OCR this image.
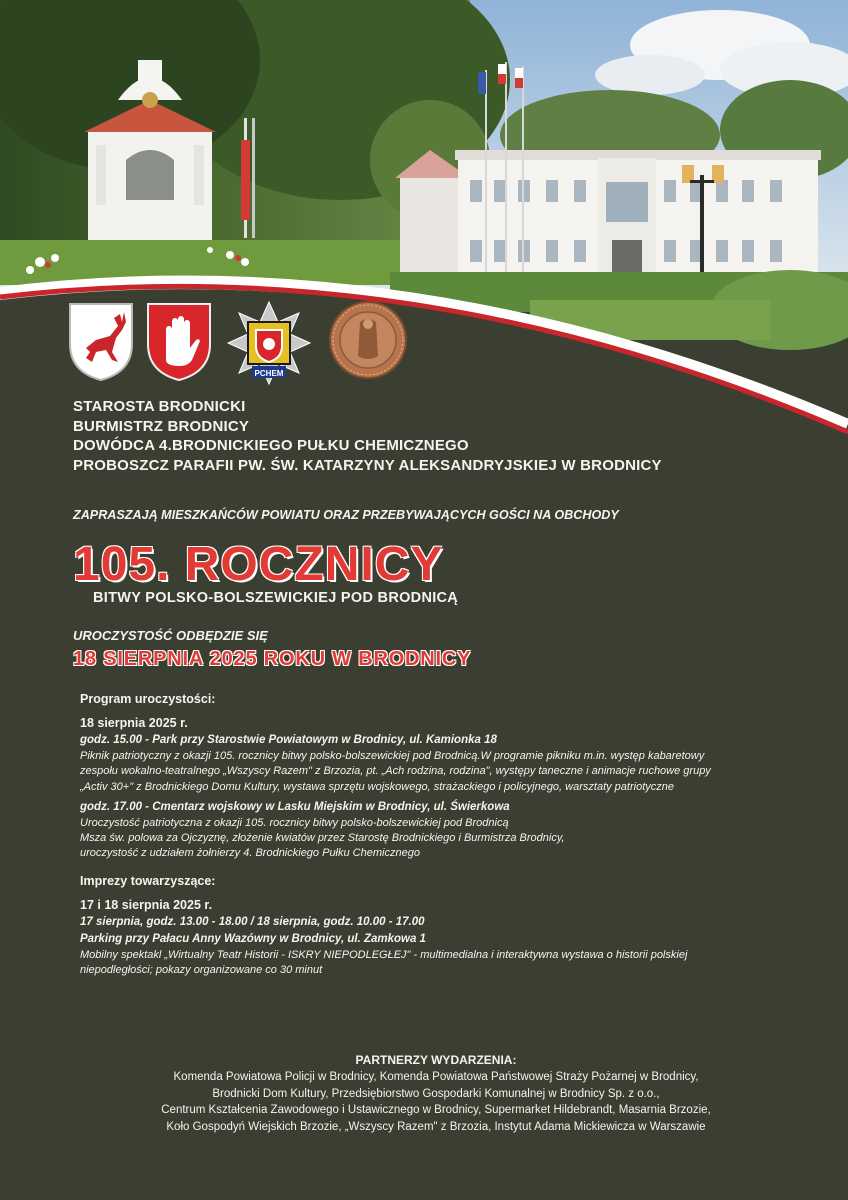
PCHEM
STAROSTA BRODNICKI
BURMISTRZ BRODNICY
DOWÓDCA 4.BRODNICKIEGO PUŁKU CHEMICZNEGO
PROBOSZCZ PARAFII PW. ŚW. KATARZYNY ALEKSANDRYJSKIEJ W BRODNICY
ZAPRASZAJĄ MIESZKAŃCÓW POWIATU ORAZ PRZEBYWAJĄCYCH GOŚCI NA OBCHODY
105. ROCZNICY
BITWY POLSKO-BOLSZEWICKIEJ POD BRODNICĄ
UROCZYSTOŚĆ ODBĘDZIE SIĘ
18 SIERPNIA 2025 ROKU W BRODNICY
Program uroczystości:
18 sierpnia 2025 r.
godz. 15.00 - Park przy Starostwie Powiatowym w Brodnicy, ul. Kamionka 18
Piknik patriotyczny z okazji 105. rocznicy bitwy polsko-bolszewickiej pod Brodnicą.W programie pikniku m.in. występ kabaretowy
zespołu wokalno-teatralnego „Wszyscy Razem" z Brzozia, pt. „Ach rodzina, rodzina", występy taneczne i animacje ruchowe grupy
„Activ 30+" z Brodnickiego Domu Kultury, wystawa sprzętu wojskowego, strażackiego i policyjnego, warsztaty patriotyczne
godz. 17.00 - Cmentarz wojskowy w Lasku Miejskim w Brodnicy, ul. Świerkowa
Uroczystość patriotyczna z okazji 105. rocznicy bitwy polsko-bolszewickiej pod Brodnicą
Msza św. polowa za Ojczyznę, złożenie kwiatów przez Starostę Brodnickiego i Burmistrza Brodnicy,
uroczystość z udziałem żołnierzy 4. Brodnickiego Pułku Chemicznego
Imprezy towarzyszące:
17 i 18 sierpnia 2025 r.
17 sierpnia, godz. 13.00 - 18.00 / 18 sierpnia, godz. 10.00 - 17.00
Parking przy Pałacu Anny Wazówny w Brodnicy, ul. Zamkowa 1
Mobilny spektakl „Wirtualny Teatr Historii - ISKRY NIEPODLEGŁEJ" - multimedialna i interaktywna wystawa o historii polskiej
niepodległości; pokazy organizowane co 30 minut
PARTNERZY WYDARZENIA:
Komenda Powiatowa Policji w Brodnicy, Komenda Powiatowa Państwowej Straży Pożarnej w Brodnicy,
Brodnicki Dom Kultury, Przedsiębiorstwo Gospodarki Komunalnej w Brodnicy Sp. z o.o.,
Centrum Kształcenia Zawodowego i Ustawicznego w Brodnicy, Supermarket Hildebrandt, Masarnia Brzozie,
Koło Gospodyń Wiejskich Brzozie, „Wszyscy Razem" z Brzozia, Instytut Adama Mickiewicza w Warszawie
